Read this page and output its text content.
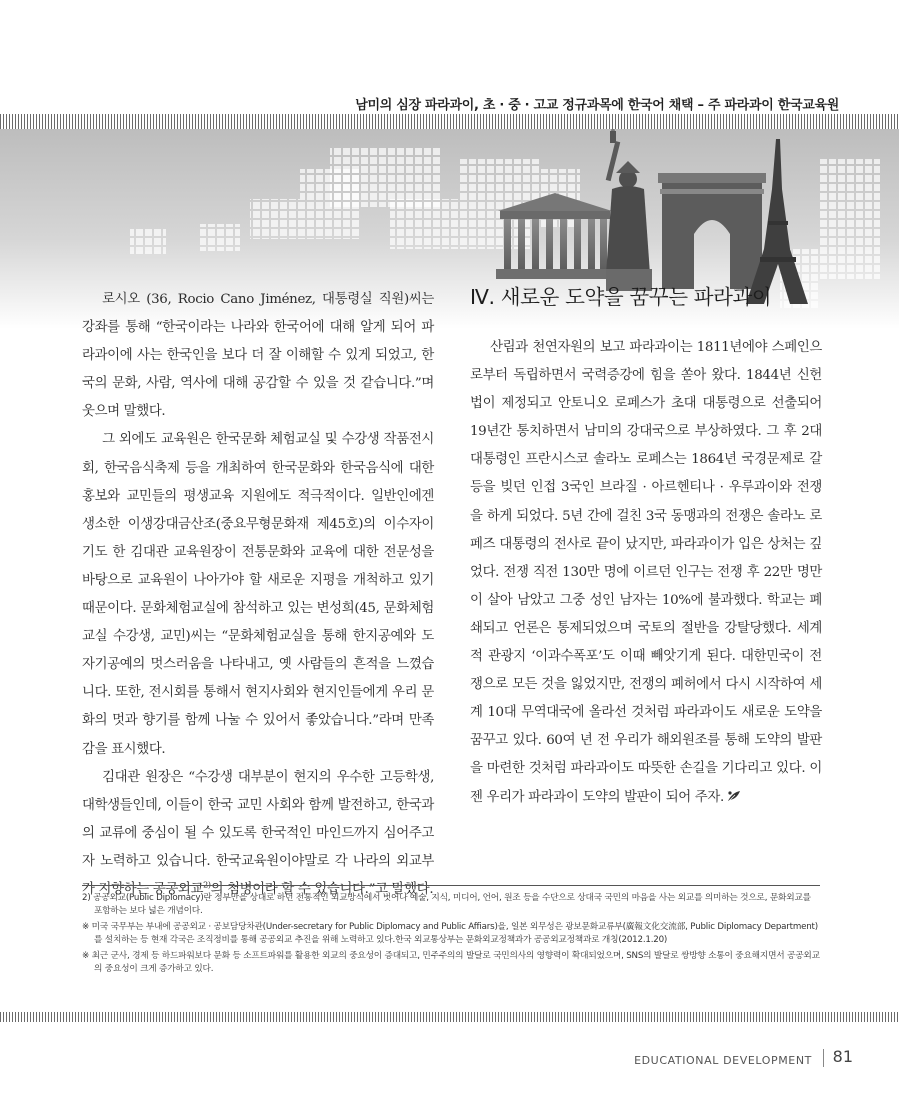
남미의 심장 파라과이, 초 · 중 · 고교 정규과목에 한국어 채택 – 주 파라과이 한국교육원

로시오 (36, Rocio Cano Jiménez, 대통령실 직원)씨는 강좌를 통해 “한국이라는 나라와 한국어에 대해 알게 되어 파라과이에 사는 한국인을 보다 더 잘 이해할 수 있게 되었고, 한국의 문화, 사람, 역사에 대해 공감할 수 있을 것 같습니다.”며 웃으며 말했다.

그 외에도 교육원은 한국문화 체험교실 및 수강생 작품전시회, 한국음식축제 등을 개최하여 한국문화와 한국음식에 대한 홍보와 교민들의 평생교육 지원에도 적극적이다. 일반인에겐 생소한 이생강대금산조(중요무형문화재 제45호)의 이수자이기도 한 김대관 교육원장이 전통문화와 교육에 대한 전문성을 바탕으로 교육원이 나아가야 할 새로운 지평을 개척하고 있기 때문이다. 문화체험교실에 참석하고 있는 변성희(45, 문화체험교실 수강생, 교민)씨는 “문화체험교실을 통해 한지공예와 도자기공예의 멋스러움을 나타내고, 옛 사람들의 흔적을 느꼈습니다. 또한, 전시회를 통해서 현지사회와 현지인들에게 우리 문화의 멋과 향기를 함께 나눌 수 있어서 좋았습니다.”라며 만족감을 표시했다.

김대관 원장은 “수강생 대부분이 현지의 우수한 고등학생, 대학생들인데, 이들이 한국 교민 사회와 함께 발전하고, 한국과의 교류에 중심이 될 수 있도록 한국적인 마인드까지 심어주고자 노력하고 있습니다. 한국교육원이야말로 각 나라의 외교부가 지향하는 공공외교$^{2)}$의 첨병이라 할 수 있습니다.”고 말했다.

Ⅳ. 새로운 도약을 꿈꾸는 파라과이

산림과 천연자원의 보고 파라과이는 1811년에야 스페인으로부터 독립하면서 국력증강에 힘을 쏟아 왔다. 1844년 신헌법이 제정되고 안토니오 로페스가 초대 대통령으로 선출되어 19년간 통치하면서 남미의 강대국으로 부상하였다. 그 후 2대 대통령인 프란시스코 솔라노 로페스는 1864년 국경문제로 갈등을 빚던 인접 3국인 브라질 · 아르헨티나 · 우루과이와 전쟁을 하게 되었다. 5년 간에 걸친 3국 동맹과의 전쟁은 솔라노 로페즈 대통령의 전사로 끝이 났지만, 파라과이가 입은 상처는 깊었다. 전쟁 직전 130만 명에 이르던 인구는 전쟁 후 22만 명만이 살아 남았고 그중 성인 남자는 10%에 불과했다. 학교는 폐쇄되고 언론은 통제되었으며 국토의 절반을 강탈당했다. 세계적 관광지 ‘이과수폭포’도 이때 빼앗기게 된다. 대한민국이 전쟁으로 모든 것을 잃었지만, 전쟁의 폐허에서 다시 시작하여 세계 10대 무역대국에 올라선 것처럼 파라과이도 새로운 도약을 꿈꾸고 있다. 60여 년 전 우리가 해외원조를 통해 도약의 발판을 마련한 것처럼 파라과이도 따뜻한 손길을 기다리고 있다. 이젠 우리가 파라과이 도약의 발판이 되어 주자.

2) 공공외교(Public Diplomacy)란 정부만을 상대로 하던 전통적인 외교방식에서 벗어나 예술, 지식, 미디어, 언어, 원조 등을 수단으로 상대국 국민의 마음을 사는 외교를 의미하는 것으로, 문화외교를 포함하는 보다 넓은 개념이다.

※ 미국 국무부는 부내에 공공외교 · 공보담당차관(Under-secretary for Public Diplomacy and Public Affiars)을, 일본 외무성은 광보문화교류부(廣報文化交流部, Public Diplomacy Department)를 설치하는 등 현재 각국은 조직정비를 통해 공공외교 추진을 위해 노력하고 있다.한국 외교통상부는 문화외교정책과가 공공외교정책과로 개칭(2012.1.20)

※ 최근 군사, 경제 등 하드파워보다 문화 등 소프트파워를 활용한 외교의 중요성이 증대되고, 민주주의의 발달로 국민의사의 영향력이 확대되었으며, SNS의 발달로 쌍방향 소통이 중요해지면서 공공외교의 중요성이 크게 증가하고 있다.

EDUCATIONAL DEVELOPMENT 81
